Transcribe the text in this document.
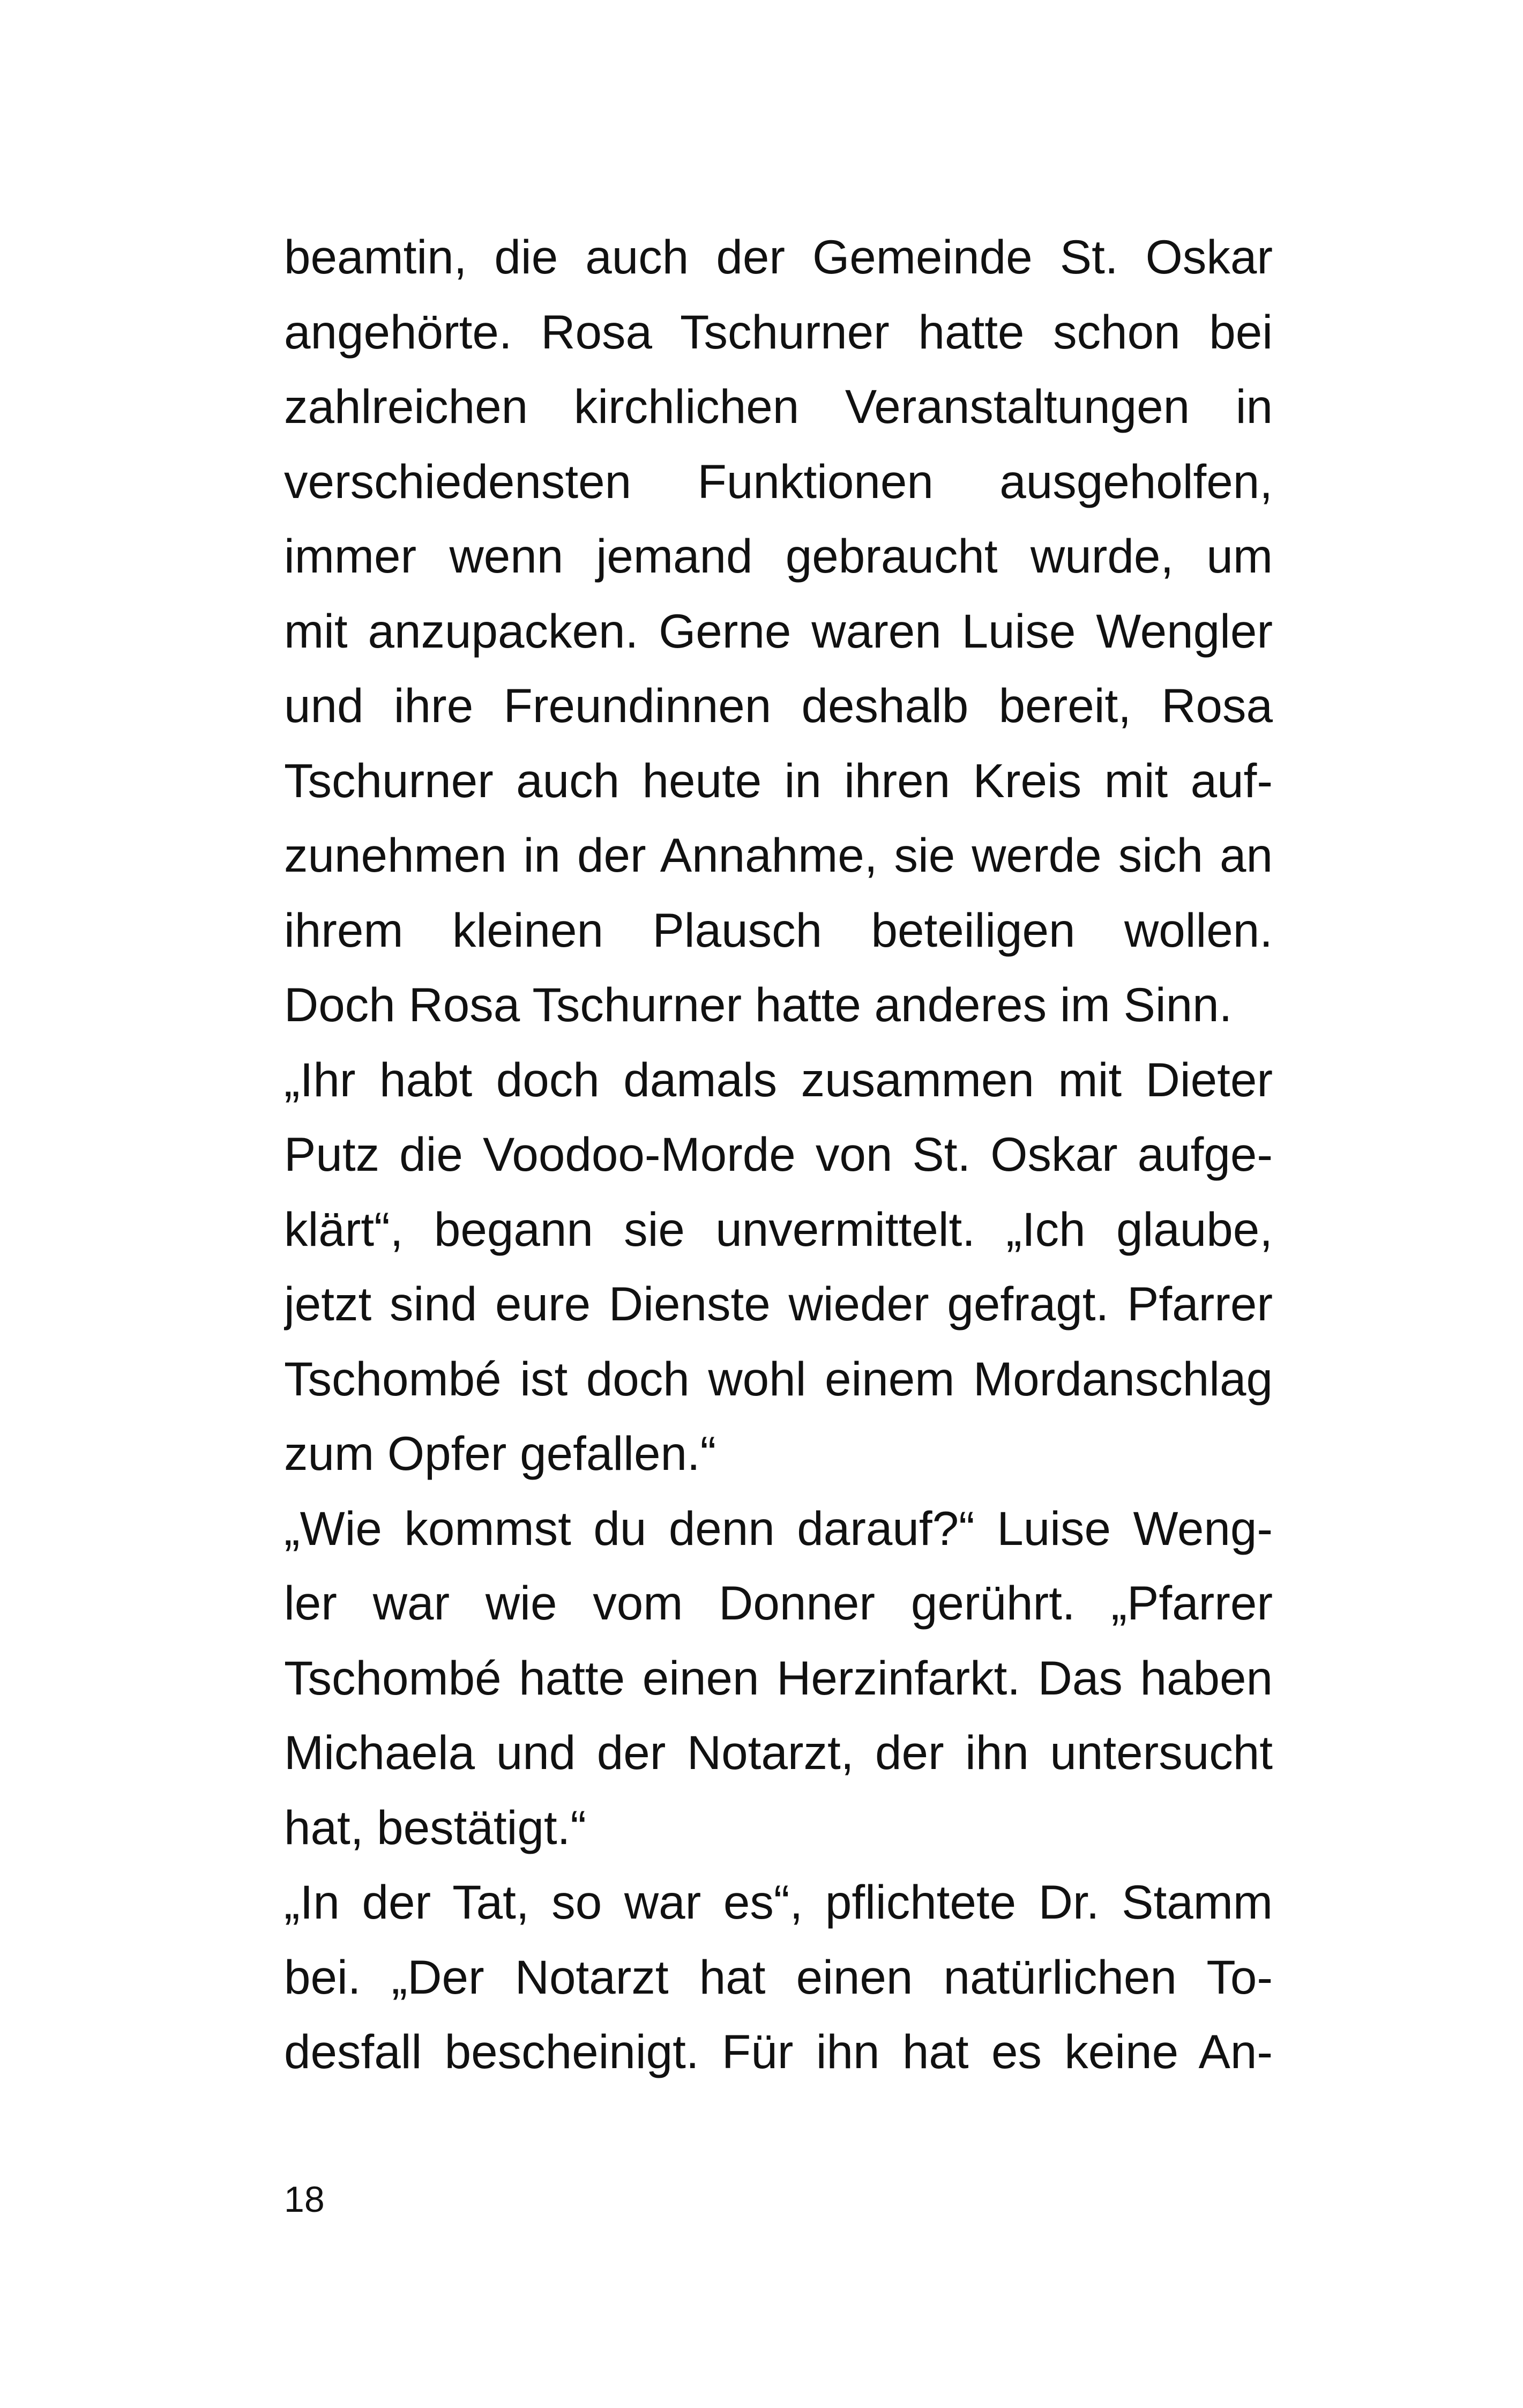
beamtin, die auch der Gemeinde St. Oskar
angehörte. Rosa Tschurner hatte schon bei
zahlreichen kirchlichen Veranstaltungen in
verschiedensten Funktionen ausgeholfen,
immer wenn jemand gebraucht wurde, um
mit anzupacken. Gerne waren Luise Wengler
und ihre Freundinnen deshalb bereit, Rosa
Tschurner auch heute in ihren Kreis mit auf-
zunehmen in der Annahme, sie werde sich an
ihrem kleinen Plausch beteiligen wollen.
Doch Rosa Tschurner hatte anderes im Sinn.
„Ihr habt doch damals zusammen mit Dieter
Putz die Voodoo-Morde von St. Oskar aufge-
klärt“, begann sie unvermittelt. „Ich glaube,
jetzt sind eure Dienste wieder gefragt. Pfarrer
Tschombé ist doch wohl einem Mordanschlag
zum Opfer gefallen.“
„Wie kommst du denn darauf?“ Luise Weng-
ler war wie vom Donner gerührt. „Pfarrer
Tschombé hatte einen Herzinfarkt. Das haben
Michaela und der Notarzt, der ihn untersucht
hat, bestätigt.“
„In der Tat, so war es“, pflichtete Dr. Stamm
bei. „Der Notarzt hat einen natürlichen To-
desfall bescheinigt. Für ihn hat es keine An-
18
